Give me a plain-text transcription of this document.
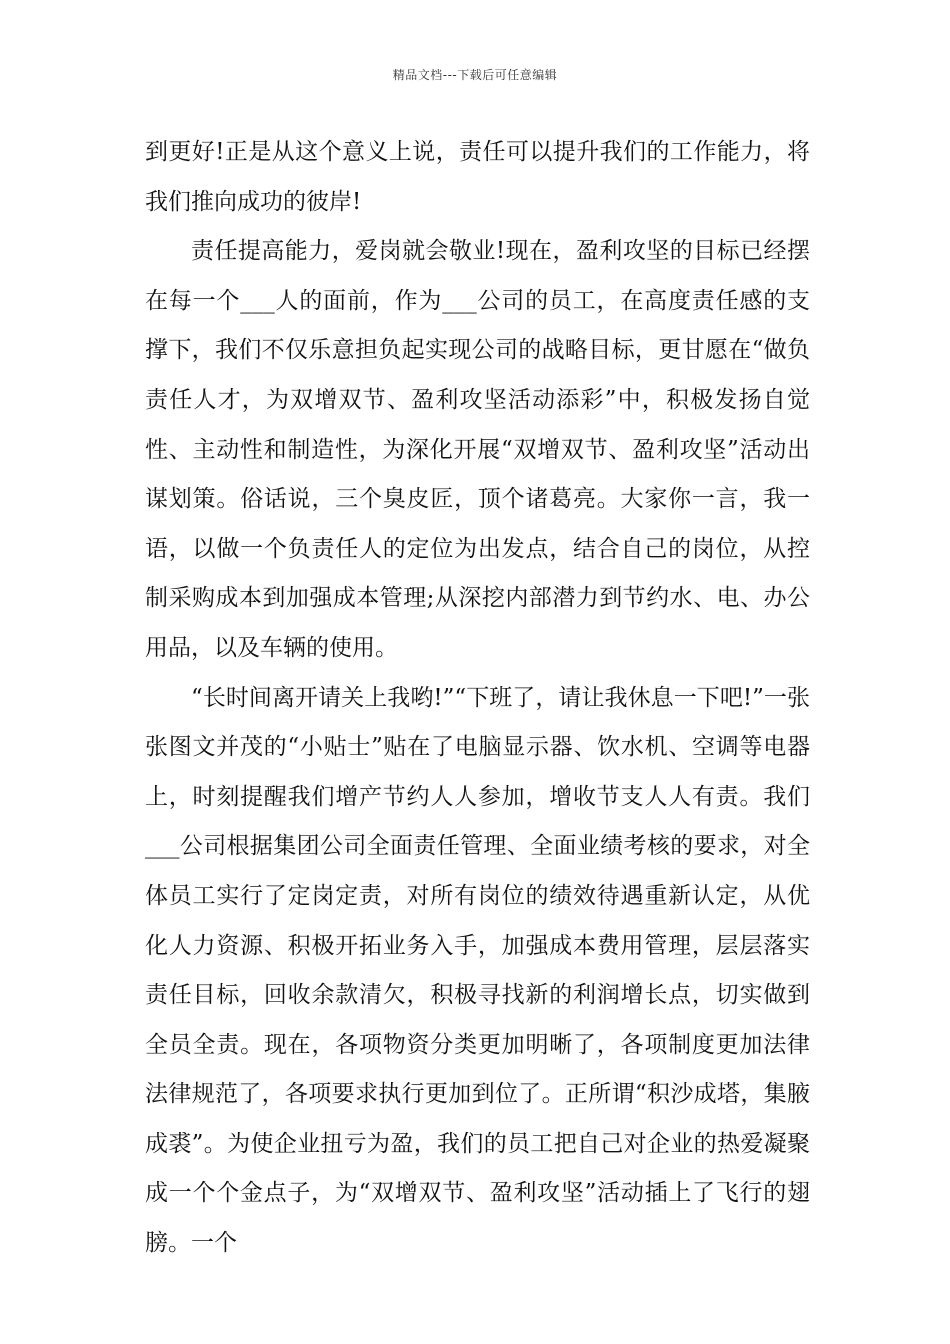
精品文档---下载后可任意编辑

到更好!正是从这个意义上说，责任可以提升我们的工作能力，将我们推向成功的彼岸!

责任提高能力，爱岗就会敬业!现在，盈利攻坚的目标已经摆在每一个___人的面前，作为___公司的员工，在高度责任感的支撑下，我们不仅乐意担负起实现公司的战略目标，更甘愿在“做负责任人才，为双增双节、盈利攻坚活动添彩”中，积极发扬自觉性、主动性和制造性，为深化开展“双增双节、盈利攻坚”活动出谋划策。俗话说，三个臭皮匠，顶个诸葛亮。大家你一言，我一语，以做一个负责任人的定位为出发点，结合自己的岗位，从控制采购成本到加强成本管理;从深挖内部潜力到节约水、电、办公用品，以及车辆的使用。

“长时间离开请关上我哟!”“下班了，请让我休息一下吧!”一张张图文并茂的“小贴士”贴在了电脑显示器、饮水机、空调等电器上，时刻提醒我们增产节约人人参加，增收节支人人有责。我们___公司根据集团公司全面责任管理、全面业绩考核的要求，对全体员工实行了定岗定责，对所有岗位的绩效待遇重新认定，从优化人力资源、积极开拓业务入手，加强成本费用管理，层层落实责任目标，回收余款清欠，积极寻找新的利润增长点，切实做到全员全责。现在，各项物资分类更加明晰了，各项制度更加法律法律规范了，各项要求执行更加到位了。正所谓“积沙成塔，集腋成裘”。为使企业扭亏为盈，我们的员工把自己对企业的热爱凝聚成一个个金点子，为“双增双节、盈利攻坚”活动插上了飞行的翅膀。一个
